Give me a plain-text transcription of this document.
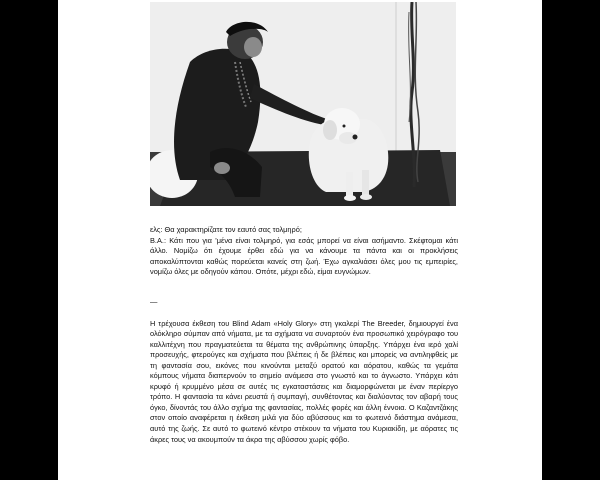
ελς: Θα χαρακτηρίζατε τον εαυτό σας τολμηρό;
Β.Α.: Κάτι που για ’μένα είναι τολμηρό, για εσάς μπορεί να είναι ασήμαντο. Σκέφτομαι κάτι άλλο. Νομίζω ότι έχουμε έρθει εδώ για να κάνουμε τα πάντα και οι προκλήσεις αποκαλύπτονται καθώς πορεύεται κανείς στη ζωή. Έχω αγκαλιάσει όλες μου τις εμπειρίες, νομίζω όλες με οδηγούν κάπου. Οπότε, μέχρι εδώ, είμαι ευγνώμων.
—
Η τρέχουσα έκθεση του Blind Adam «Holy Glory» στη γκαλερί The Breeder, δημιουργεί ένα ολόκληρο σύμπαν από νήματα, με τα σχήματα να συναρτούν ένα προσωπικό χειρόγραφο του καλλιτέχνη που πραγματεύεται τα θέματα της ανθρώπινης ύπαρξης. Υπάρχει ένα ιερό χαλί προσευχής, φτερούγες και σχήματα που βλέπεις ή δε βλέπεις και μπορείς να αντιληφθείς με τη φαντασία σου, εικόνες που κινούνται μεταξύ ορατού και αόρατου, καθώς τα γεμάτα κόμπους νήματα διαπερνούν το σημείο ανάμεσα στο γνωστό και το άγνωστο. Υπάρχει κάτι κρυφό ή κρυμμένο μέσα σε αυτές τις εγκαταστάσεις και διαμορφώνεται με έναν περίεργο τρόπο. Η φαντασία τα κάνει ρευστά ή συμπαγή, συνθέτοντας και διαλύοντας τον αβαρή τους όγκο, δίνοντάς του άλλο σχήμα της φαντασίας, πολλές φορές και άλλη έννοια. Ο Καζαντζάκης στον οποίο αναφέρεται η έκθεση μιλά για δύο αβύσσους και το φωτεινό διάστημα ανάμεσα, αυτό της ζωής. Σε αυτό το φωτεινό κέντρο στέκουν τα νήματα του Κυριακίδη, με αόρατες τις άκρες τους να ακουμπούν τα άκρα της αβύσσου χωρίς φόβο.
